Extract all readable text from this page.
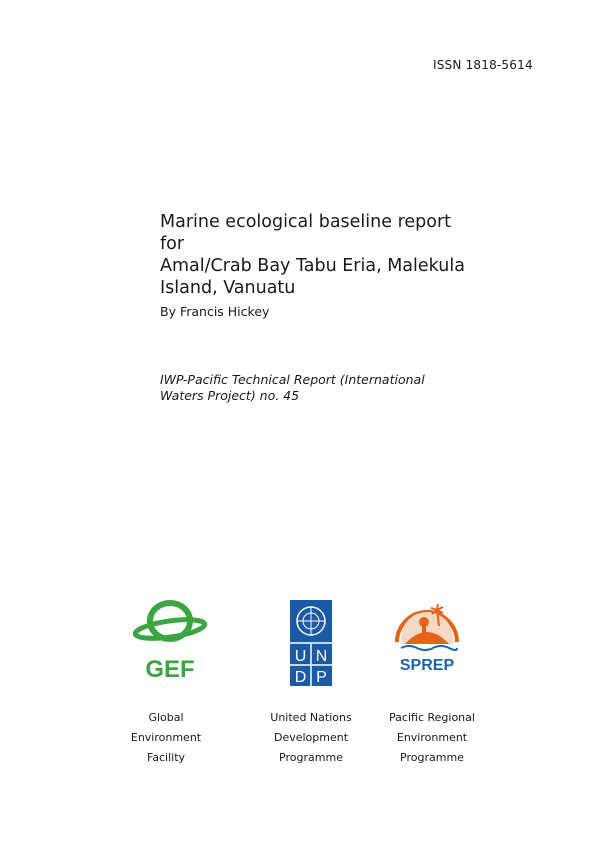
ISSN 1818-5614
Marine ecological baseline report for
Amal/Crab Bay Tabu Eria, Malekula
Island, Vanuatu
By Francis Hickey
IWP-Pacific Technical Report (International
Waters Project) no. 45
GEF	U N
D P
SPREP
Global
Environment
Facility
United Nations
Development
Programme
Pacific Regional
Environment
Programme
